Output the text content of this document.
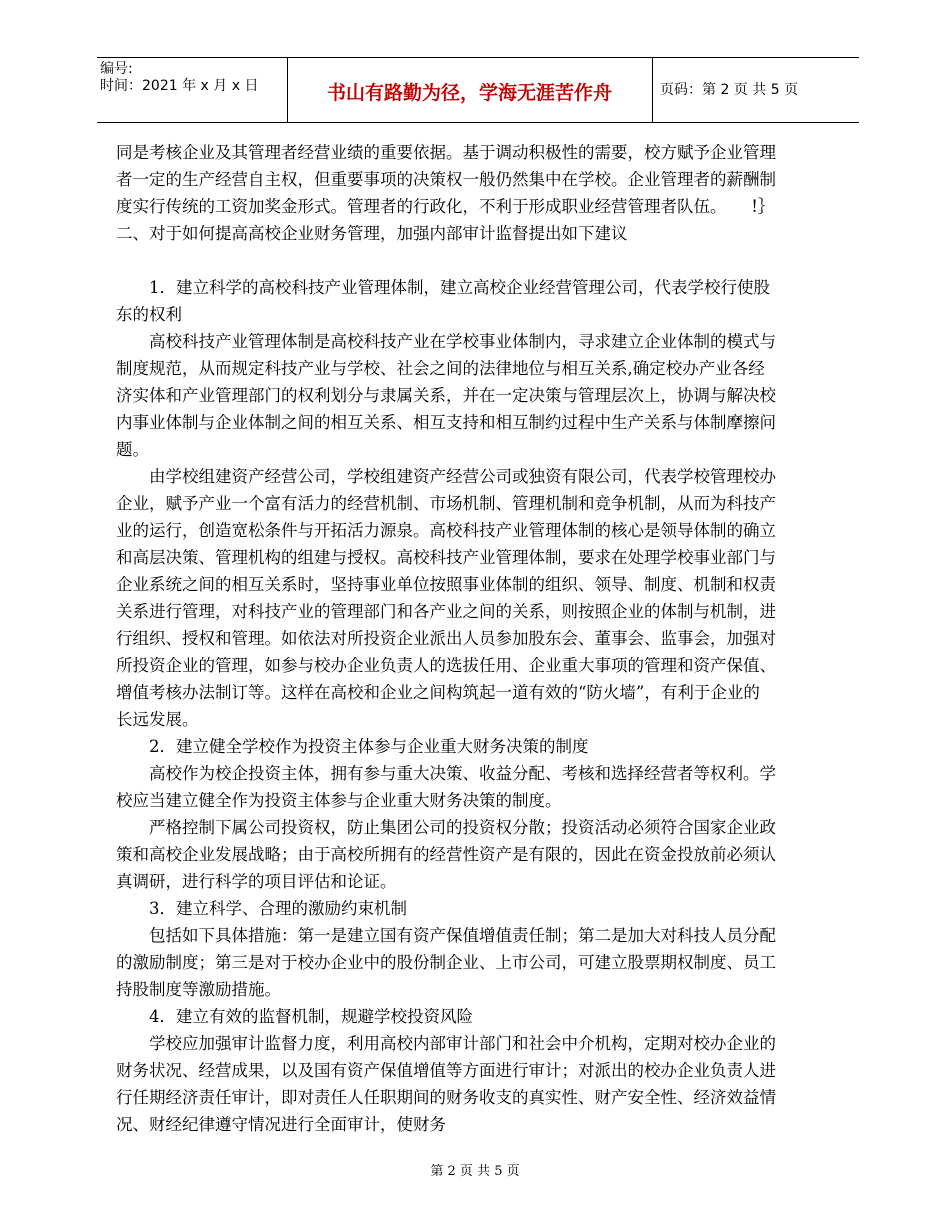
编号:
时间：2021 年 x 月 x 日	书山有路勤为径，学海无涯苦作舟	页码：第 2 页 共 5 页

同是考核企业及其管理者经营业绩的重要依据。基于调动积极性的需要，校方赋予企业管理者一定的生产经营自主权，但重要事项的决策权一般仍然集中在学校。企业管理者的薪酬制度实行传统的工资加奖金形式。管理者的行政化，不利于形成职业经营管理者队伍。　　!｝二、对于如何提高高校企业财务管理，加强内部审计监督提出如下建议

1．建立科学的高校科技产业管理体制，建立高校企业经营管理公司，代表学校行使股东的权利

高校科技产业管理体制是高校科技产业在学校事业体制内，寻求建立企业体制的模式与制度规范，从而规定科技产业与学校、社会之间的法律地位与相互关系,确定校办产业各经济实体和产业管理部门的权利划分与隶属关系，并在一定决策与管理层次上，协调与解决校内事业体制与企业体制之间的相互关系、相互支持和相互制约过程中生产关系与体制摩擦问题。

由学校组建资产经营公司，学校组建资产经营公司或独资有限公司，代表学校管理校办企业，赋予产业一个富有活力的经营机制、市场机制、管理机制和竞争机制，从而为科技产业的运行，创造宽松条件与开拓活力源泉。高校科技产业管理体制的核心是领导体制的确立和高层决策、管理机构的组建与授权。高校科技产业管理体制，要求在处理学校事业部门与企业系统之间的相互关系时，坚持事业单位按照事业体制的组织、领导、制度、机制和权责关系进行管理，对科技产业的管理部门和各产业之间的关系，则按照企业的体制与机制，进行组织、授权和管理。如依法对所投资企业派出人员参加股东会、董事会、监事会，加强对所投资企业的管理，如参与校办企业负责人的选拔任用、企业重大事项的管理和资产保值、增值考核办法制订等。这样在高校和企业之间构筑起一道有效的“防火墙”，有利于企业的长远发展。

2．建立健全学校作为投资主体参与企业重大财务决策的制度

高校作为校企投资主体，拥有参与重大决策、收益分配、考核和选择经营者等权利。学校应当建立健全作为投资主体参与企业重大财务决策的制度。

严格控制下属公司投资权，防止集团公司的投资权分散；投资活动必须符合国家企业政策和高校企业发展战略；由于高校所拥有的经营性资产是有限的，因此在资金投放前必须认真调研，进行科学的项目评估和论证。

3．建立科学、合理的激励约束机制

包括如下具体措施：第一是建立国有资产保值增值责任制；第二是加大对科技人员分配的激励制度；第三是对于校办企业中的股份制企业、上市公司，可建立股票期权制度、员工持股制度等激励措施。

4．建立有效的监督机制，规避学校投资风险

学校应加强审计监督力度，利用高校内部审计部门和社会中介机构，定期对校办企业的财务状况、经营成果，以及国有资产保值增值等方面进行审计；对派出的校办企业负责人进行任期经济责任审计，即对责任人任职期间的财务收支的真实性、财产安全性、经济效益情况、财经纪律遵守情况进行全面审计，使财务

第 2 页 共 5 页
